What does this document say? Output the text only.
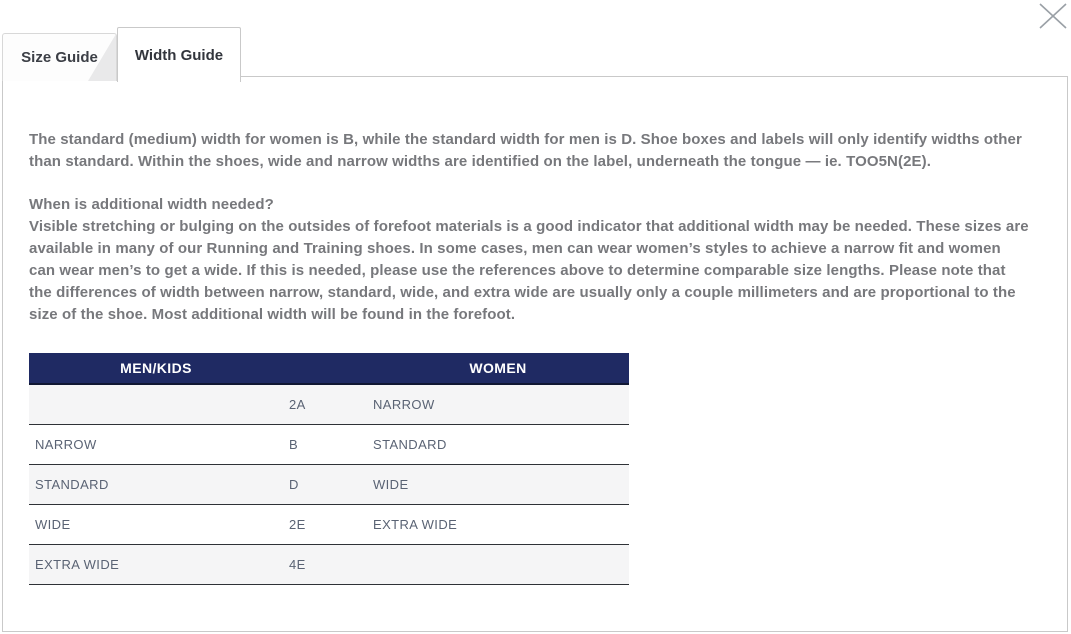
Size Guide Width Guide

The standard (medium) width for women is B, while the standard width for men is D. Shoe boxes and labels will only identify widths other than standard. Within the shoes, wide and narrow widths are identified on the label, underneath the tongue — ie. TOO5N(2E).

When is additional width needed?

Visible stretching or bulging on the outsides of forefoot materials is a good indicator that additional width may be needed. These sizes are available in many of our Running and Training shoes. In some cases, men can wear women’s styles to achieve a narrow fit and women can wear men’s to get a wide. If this is needed, please use the references above to determine comparable size lengths. Please note that the differences of width between narrow, standard, wide, and extra wide are usually only a couple millimeters and are proportional to the size of the shoe. Most additional width will be found in the forefoot.

MEN/KIDS		WOMEN
	2A	NARROW
NARROW	B	STANDARD
STANDARD	D	WIDE
WIDE	2E	EXTRA WIDE
EXTRA WIDE	4E	
